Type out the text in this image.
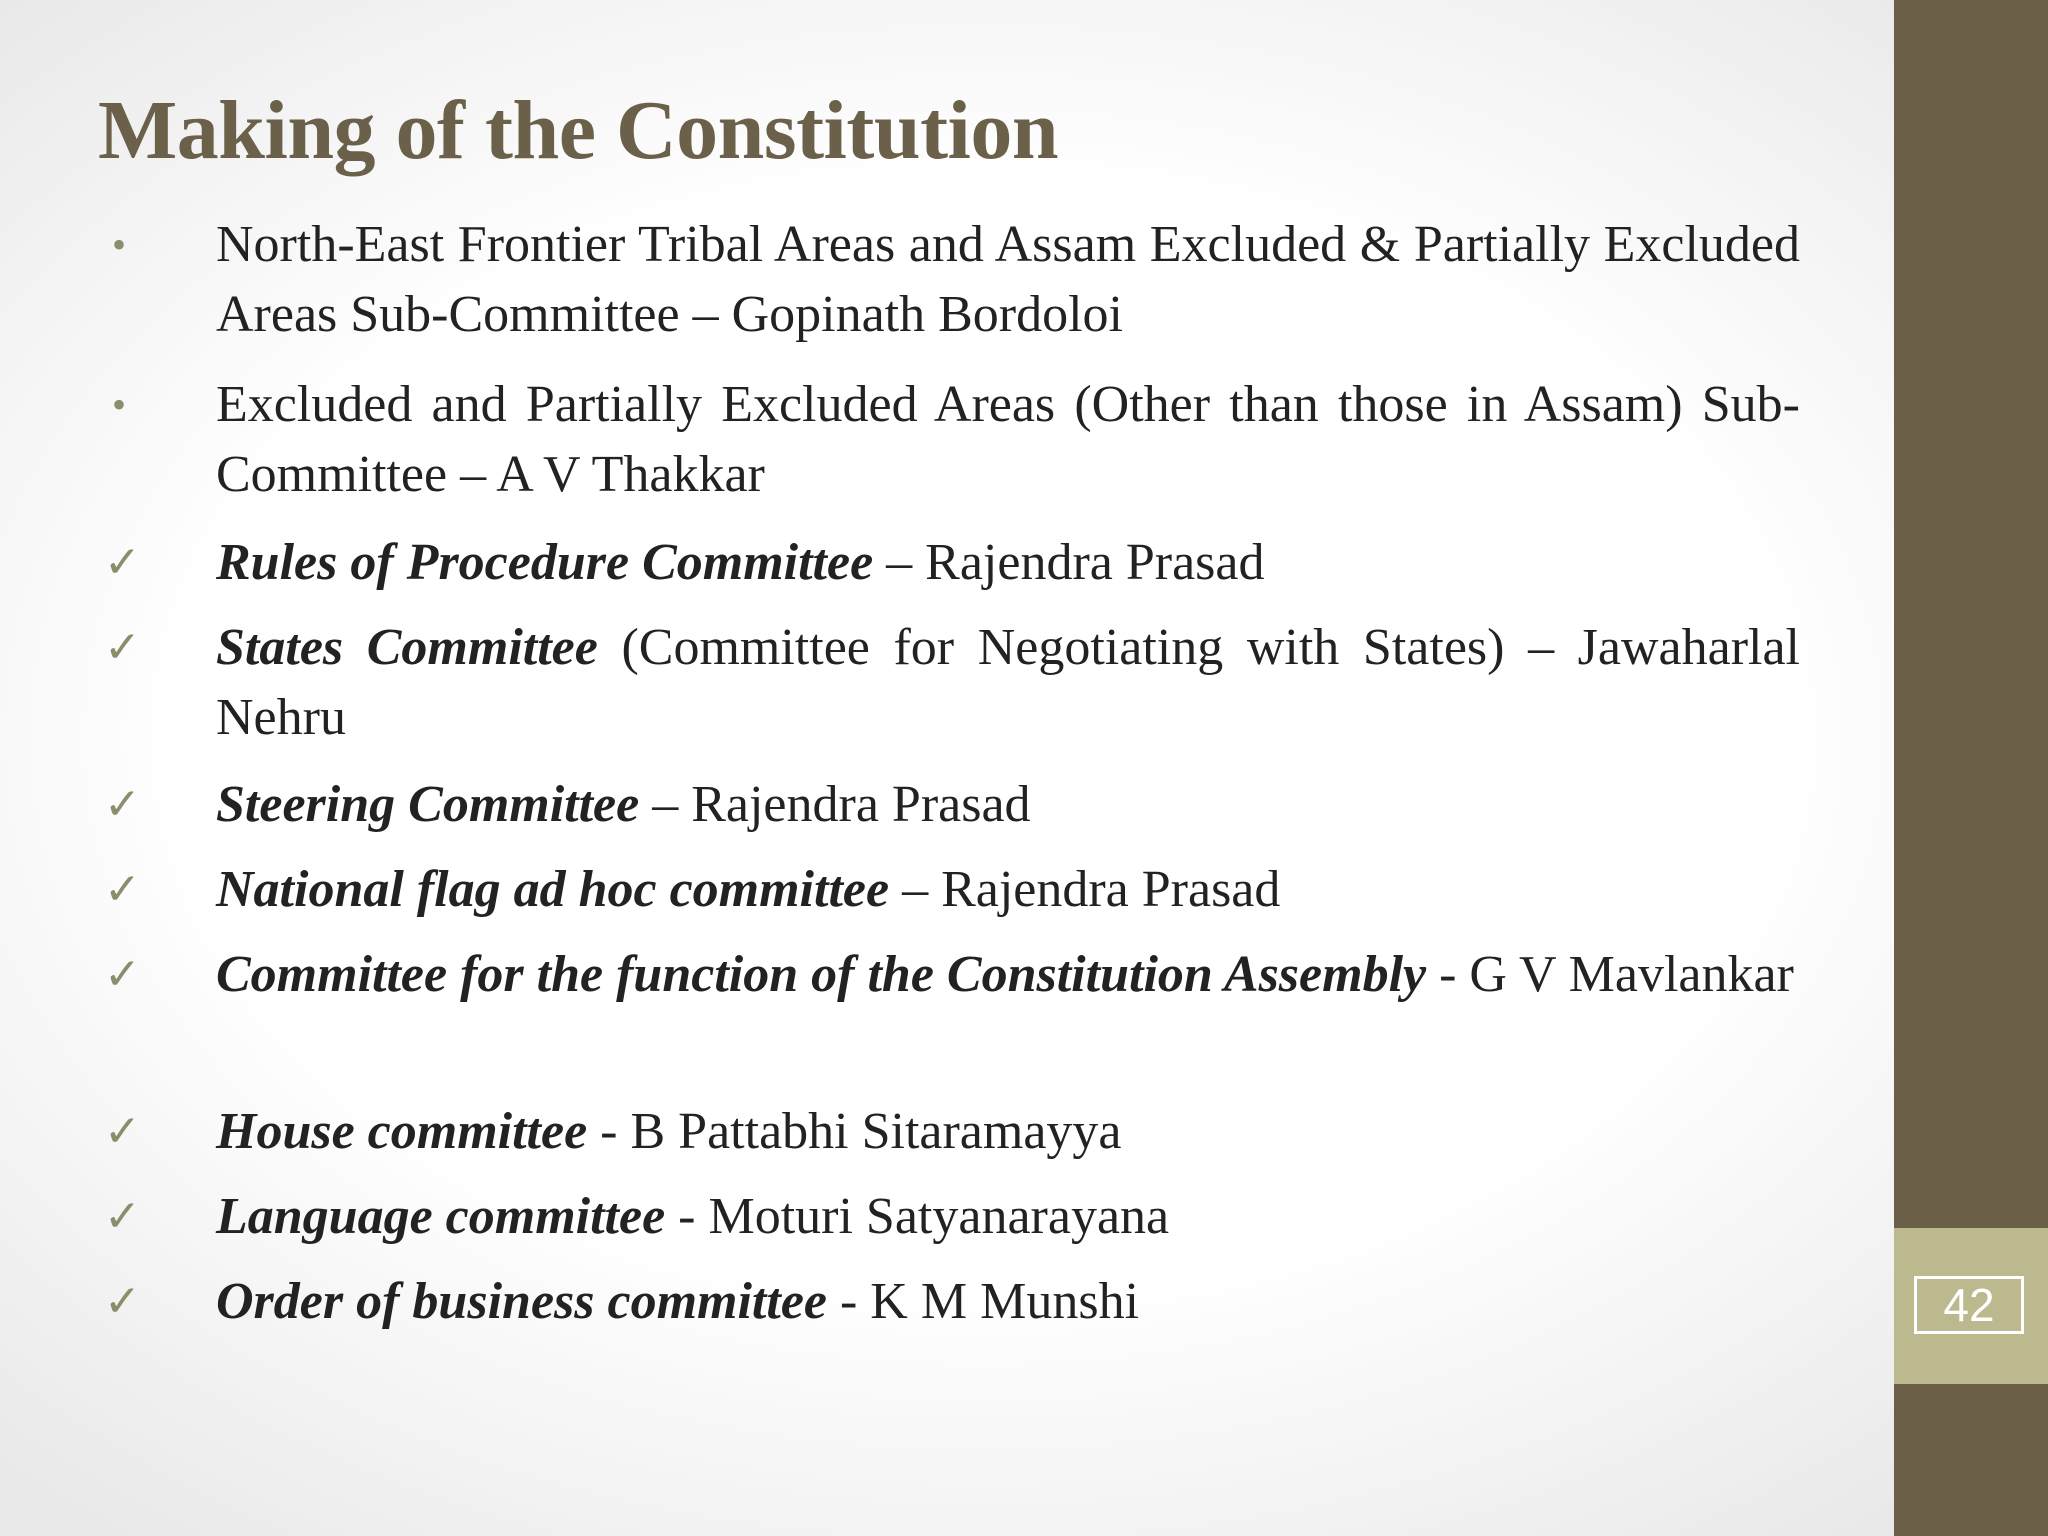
42
Making of the Constitution
•	North-East Frontier Tribal Areas and Assam Excluded & Partially Excluded Areas Sub-Committee – Gopinath Bordoloi
•	Excluded and Partially Excluded Areas (Other than those in Assam) Sub-Committee – A V Thakkar
✓	Rules of Procedure Committee – Rajendra Prasad
✓	States Committee (Committee for Negotiating with States) – Jawaharlal Nehru
✓	Steering Committee – Rajendra Prasad
✓	National flag ad hoc committee – Rajendra Prasad
✓	Committee for the function of the Constitution Assembly - G V Mavlankar
✓	House committee - B Pattabhi Sitaramayya
✓	Language committee - Moturi Satyanarayana
✓	Order of business committee - K M Munshi
